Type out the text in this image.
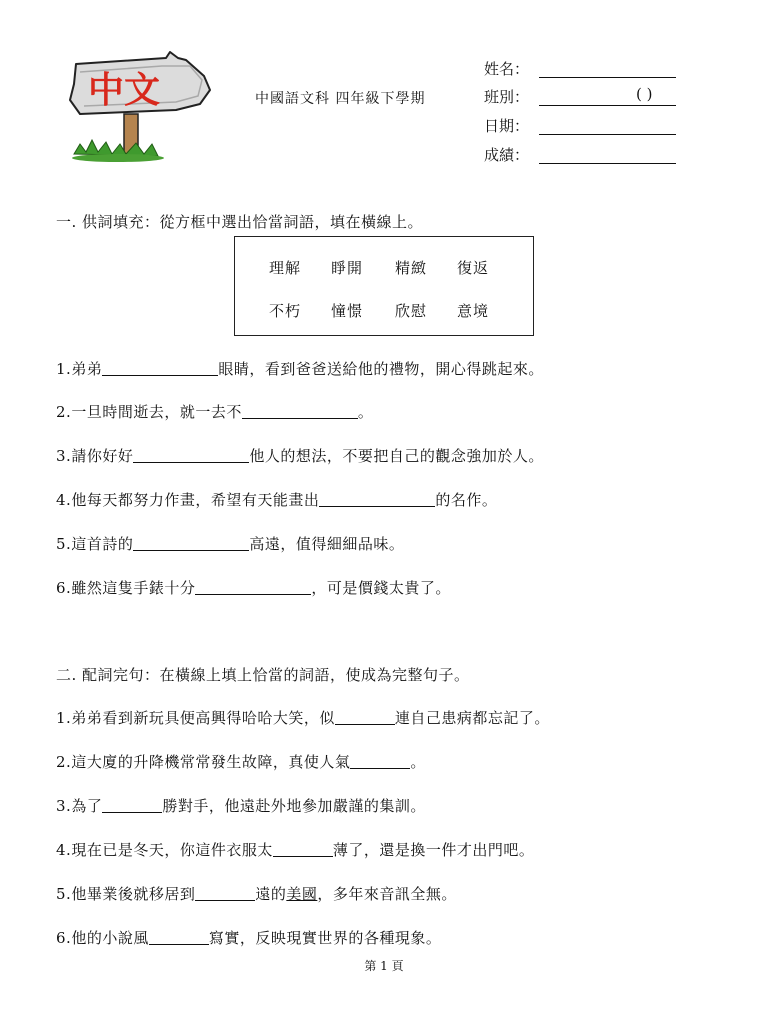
中文	中國語文科 四年級下學期
姓名：
班別：	( )
日期：
成績：
一. 供詞填充：從方框中選出恰當詞語，填在橫線上。
理解 睜開 精緻 復返
不朽 憧憬 欣慰 意境
1.弟弟	眼睛，看到爸爸送給他的禮物，開心得跳起來。
2.一旦時間逝去，就一去不	。
3.請你好好	他人的想法，不要把自己的觀念強加於人。
4.他每天都努力作畫，希望有天能畫出	的名作。
5.這首詩的	高遠，值得細細品味。
6.雖然這隻手錶十分	，可是價錢太貴了。
二. 配詞完句：在橫線上填上恰當的詞語，使成為完整句子。
1.弟弟看到新玩具便高興得哈哈大笑，似	連自己患病都忘記了。
2.這大廈的升降機常常發生故障，真使人氣	。
3.為了	勝對手，他遠赴外地參加嚴謹的集訓。
4.現在已是冬天，你這件衣服太	薄了，還是換一件才出門吧。
5.他畢業後就移居到	遠的美國，多年來音訊全無。
6.他的小說風	寫實，反映現實世界的各種現象。
第 1 頁
